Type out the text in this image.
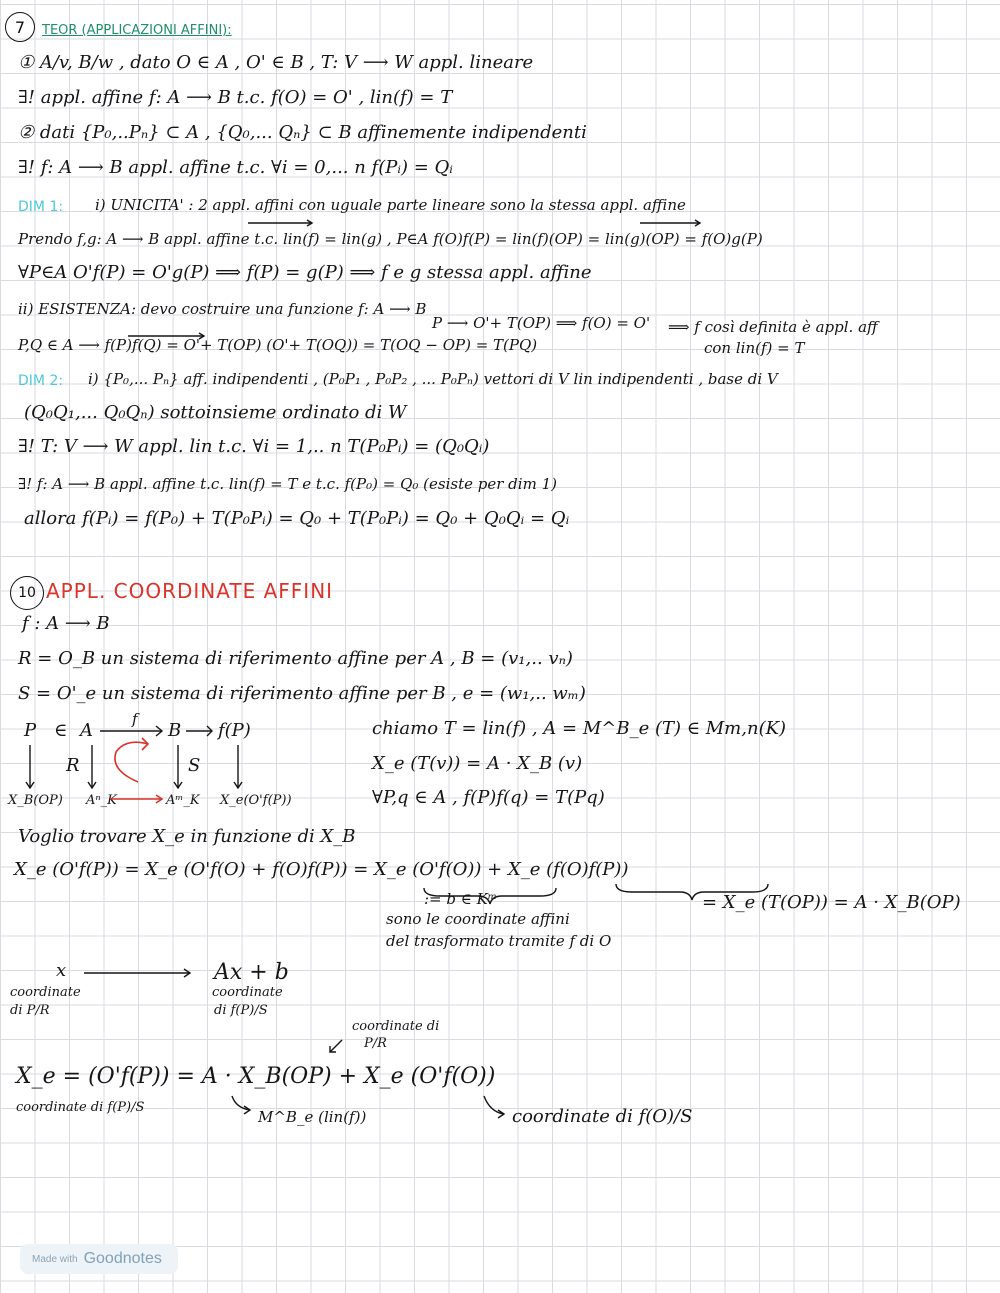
7	TEOR (APPLICAZIONI AFFINI):
① A/v, B/w , dato O ∈ A , O' ∈ B , T: V ⟶ W appl. lineare
∃! appl. affine f: A ⟶ B t.c. f(O) = O' , lin(f) = T
② dati {P₀,..Pₙ} ⊂ A , {Q₀,... Qₙ} ⊂ B affinemente indipendenti
∃! f: A ⟶ B appl. affine t.c. ∀i = 0,... n f(Pᵢ) = Qᵢ
DIM 1: i) UNICITA' : 2 appl. affini con uguale parte lineare sono la stessa appl. affine
Prendo f,g: A ⟶ B appl. affine t.c. lin(f) = lin(g) , P∈A f(O)f(P) = lin(f)(OP) = lin(g)(OP) = f(O)g(P)
∀P∈A O'f(P) = O'g(P) ⟹ f(P) = g(P) ⟹ f e g stessa appl. affine
ii) ESISTENZA: devo costruire una funzione f: A ⟶ B
P ⟶ O'+ T(OP) ⟹ f(O) = O'
P,Q ∈ A ⟶ f(P)f(Q) = O'+ T(OP) (O'+ T(OQ)) = T(OQ − OP) = T(PQ)
⟹ f così definita è appl. aff
con lin(f) = T
DIM 2: i) {P₀,... Pₙ} aff. indipendenti , (P₀P₁ , P₀P₂ , ... P₀Pₙ) vettori di V lin indipendenti , base di V
(Q₀Q₁,... Q₀Qₙ) sottoinsieme ordinato di W
∃! T: V ⟶ W appl. lin t.c. ∀i = 1,.. n T(P₀Pᵢ) = (Q₀Qᵢ)
∃! f: A ⟶ B appl. affine t.c. lin(f) = T e t.c. f(P₀) = Q₀ (esiste per dim 1)
allora f(Pᵢ) = f(P₀) + T(P₀Pᵢ) = Q₀ + T(P₀Pᵢ) = Q₀ + Q₀Qᵢ = Qᵢ
10 APPL. COORDINATE AFFINI
f : A ⟶ B
R = O_B un sistema di riferimento affine per A , B = (v₁,.. vₙ)
S = O'_e un sistema di riferimento affine per B , e = (w₁,.. wₘ)
P ∈ A
f
B f(P)
R	S
X_B(OP) Aⁿ_K	Aᵐ_K X_e(O'f(P))
chiamo T = lin(f) , A = M^B_e (T) ∈ Mm,n(K)
X_e (T(v)) = A · X_B (v)
∀P,q ∈ A , f(P)f(q) = T(Pq)
Voglio trovare X_e in funzione di X_B
X_e (O'f(P)) = X_e (O'f(O) + f(O)f(P)) = X_e (O'f(O)) + X_e (f(O)f(P))
:= b ∈ Kᵐ	= X_e (T(OP)) = A · X_B(OP)
sono le coordinate affini
del trasformato tramite f di O
x	Ax + b
coordinate
di P/R
coordinate
di f(P)/S
coordinate di
P/R
X_e = (O'f(P)) = A · X_B(OP) + X_e (O'f(O))
coordinate di f(P)/S
M^B_e (lin(f))	coordinate di f(O)/S
Made with Goodnotes
